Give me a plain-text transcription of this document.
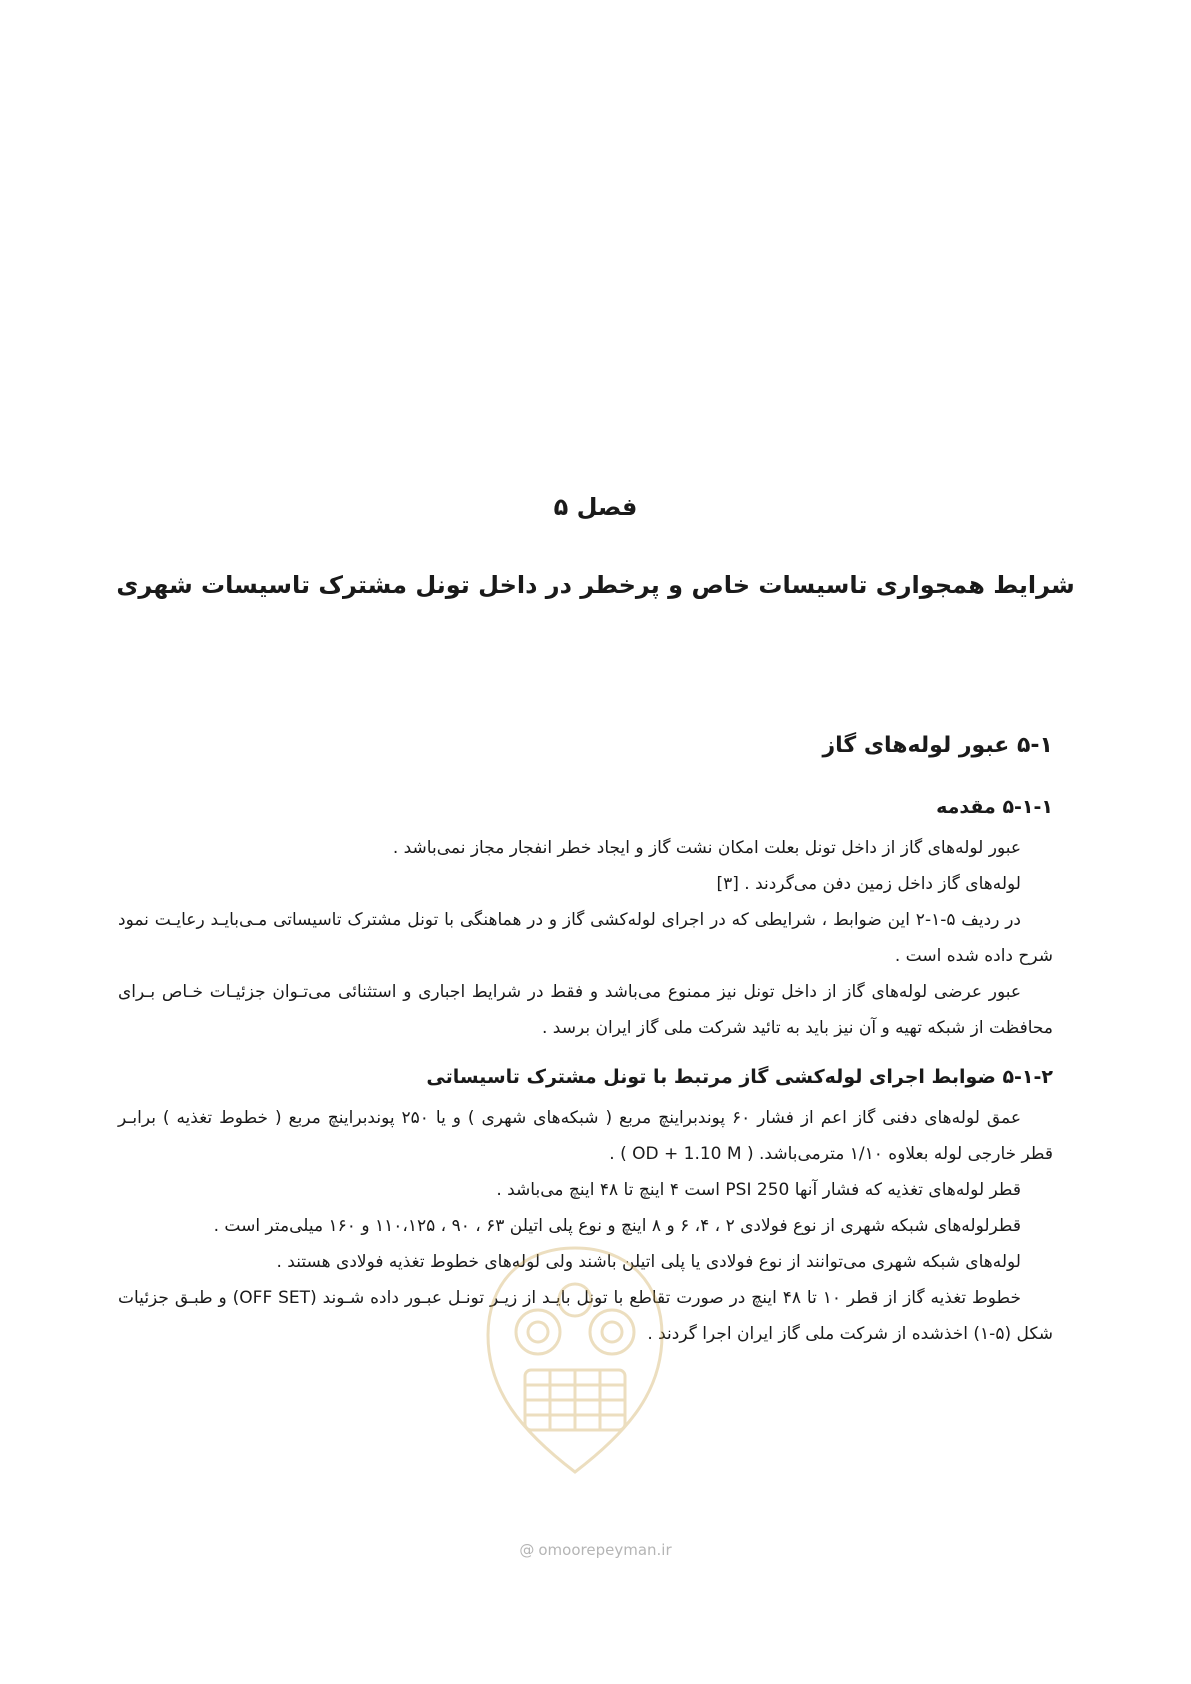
فصل ۵
شرایط همجواری تاسیسات خاص و پرخطر در داخل تونل مشترک تاسیسات شهری
۵-۱ عبور لوله‌های گاز
۵-۱-۱ مقدمه

عبور لوله‌های گاز از داخل تونل بعلت امکان نشت گاز و ایجاد خطر انفجار مجاز نمی‌باشد .

لوله‌های گاز داخل زمین دفن می‌گردند . [۳]

در ردیف ۵-۱-۲ این ضوابط ، شرایطی که در اجرای لوله‌کشی گاز و در هماهنگی با تونل مشترک تاسیساتی مـی‌بایـد رعایـت نمود شرح داده شده است .

عبور عرضی لوله‌های گاز از داخل تونل نیز ممنوع می‌باشد و فقط در شرایط اجباری و استثنائی می‌تـوان جزئیـات خـاص بـرای محافظت از شبکه تهیه و آن نیز باید به تائید شرکت ملی گاز ایران برسد .

۵-۱-۲ ضوابط اجرای لوله‌کشی گاز مرتبط با تونل مشترک تاسیساتی

عمق لوله‌های دفنی گاز اعم از فشار ۶۰ پوندبراینچ مربع ( شبکه‌های شهری ) و یا ۲۵۰ پوندبراینچ مربع ( خطوط تغذیه ) برابـر قطر خارجی لوله بعلاوه ۱/۱۰ مترمی‌باشد. ( OD + 1.10 M ) .

قطر لوله‌های تغذیه که فشار آنها 250 PSI است ۴ اینچ تا ۴۸ اینچ می‌باشد .

قطرلوله‌های شبکه شهری از نوع فولادی ۲ ، ۴، ۶ و ۸ اینچ و نوع پلی اتیلن ۶۳ ، ۹۰ ، ۱۱۰،۱۲۵ و ۱۶۰ میلی‌متر است .

لوله‌های شبکه شهری می‌توانند از نوع فولادی یا پلی اتیلن باشند ولی لوله‌های خطوط تغذیه فولادی هستند .

خطوط تغذیه گاز از قطر ۱۰ تا ۴۸ اینچ در صورت تقاطع با تونل بایـد از زیـر تونـل عبـور داده شـوند (OFF SET) و طبـق جزئیات شکل (۵-۱) اخذشده از شرکت ملی گاز ایران اجرا گردند .

@ omoorepeyman.ir
